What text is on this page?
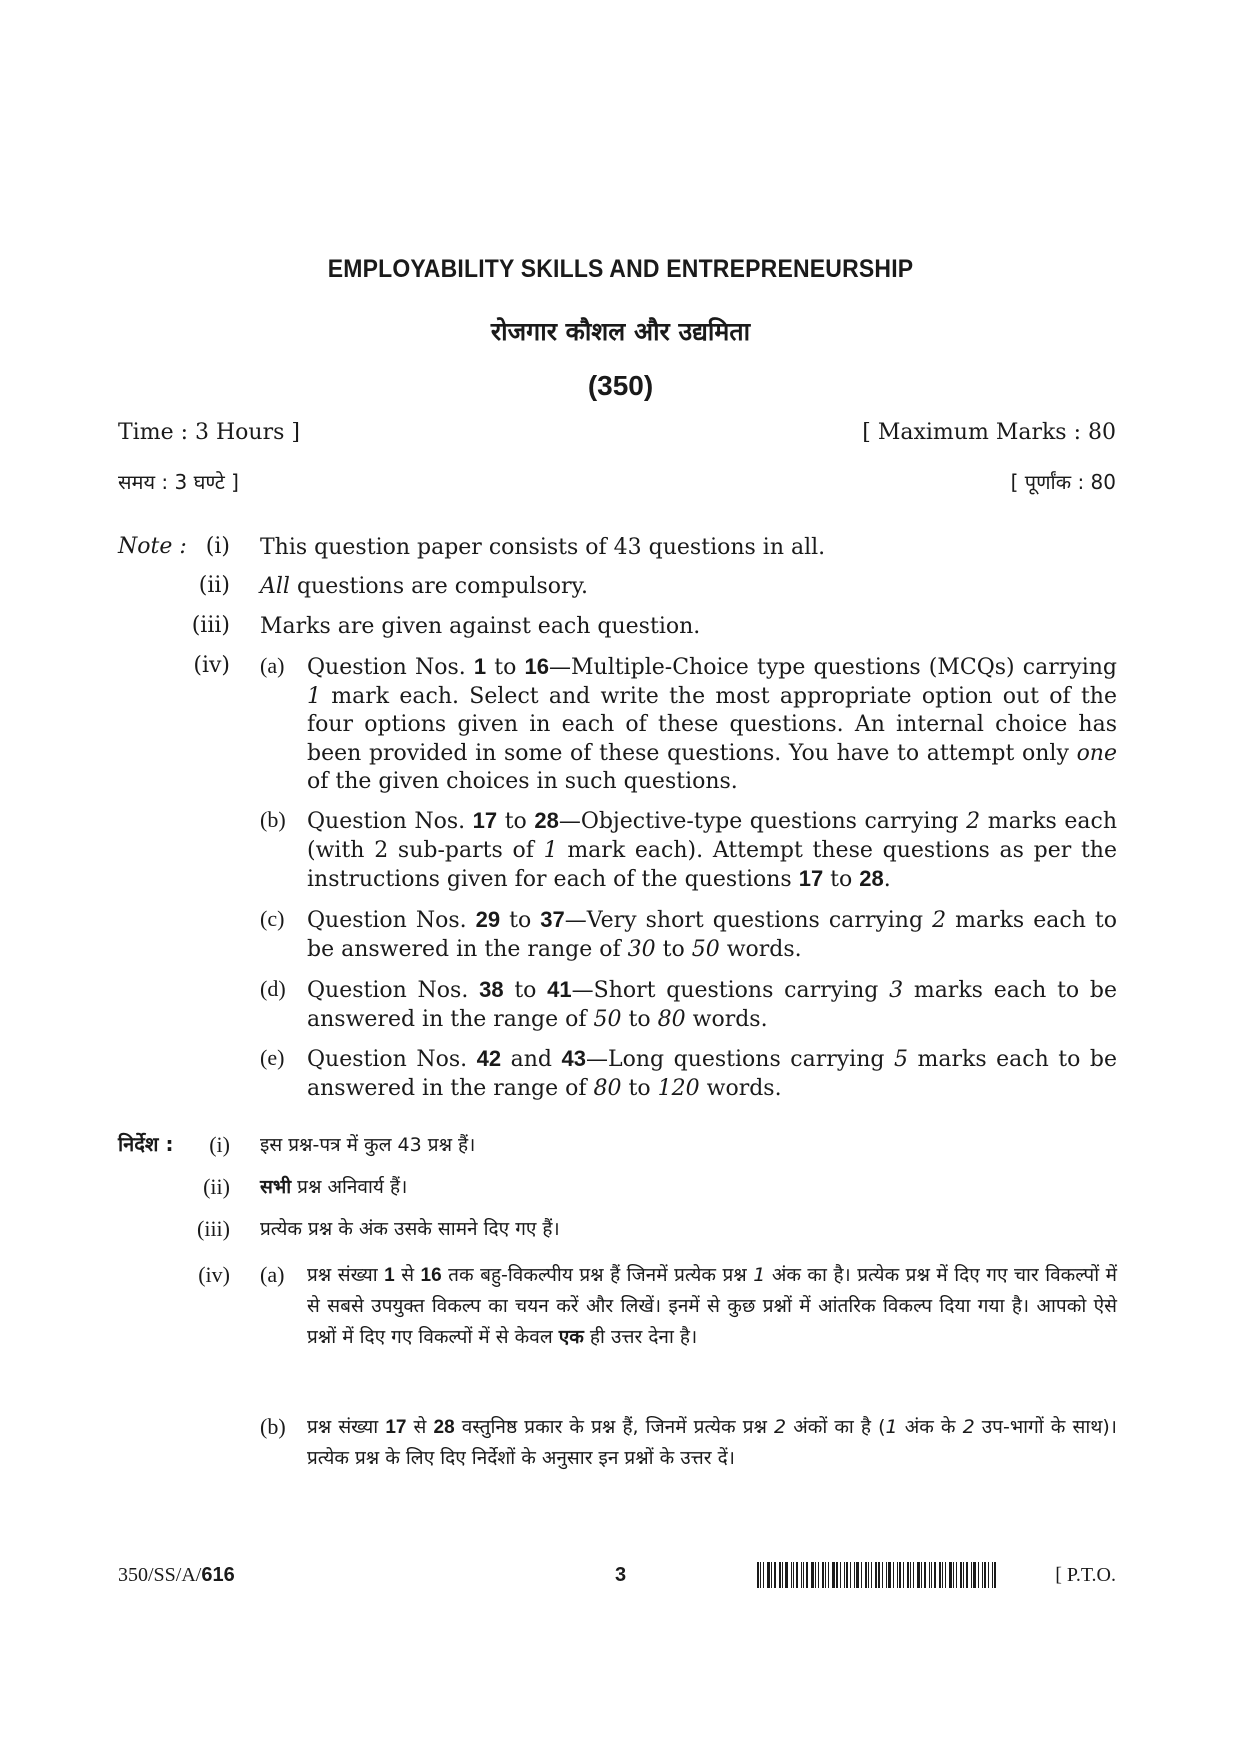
EMPLOYABILITY SKILLS AND ENTREPRENEURSHIP
रोजगार कौशल और उद्यमिता
(350)
Time : 3 Hours ]	[ Maximum Marks : 80
समय : 3 घण्टे ]	[ पूर्णांक : 80
Note : (i) This question paper consists of 43 questions in all.
(ii) All questions are compulsory.
(iii) Marks are given against each question.
(iv) (a)	Question Nos. 1 to 16—Multiple-Choice type questions (MCQs) carrying 1 mark each. Select and write the most appropriate option out of the four options given in each of these questions. An internal choice has been provided in some of these questions. You have to attempt only one of the given choices in such questions.
(b) Question Nos. 17 to 28—Objective-type questions carrying 2 marks each (with 2 sub-parts of 1 mark each). Attempt these questions as per the instructions given for each of the questions 17 to 28.
(c)	Question Nos. 29 to 37—Very short questions carrying 2 marks each to be answered in the range of 30 to 50 words.
(d) Question Nos. 38 to 41—Short questions carrying 3 marks each to be answered in the range of 50 to 80 words.
(e)	Question Nos. 42 and 43—Long questions carrying 5 marks each to be answered in the range of 80 to 120 words.
निर्देश :	(i) इस प्रश्न-पत्र में कुल 43 प्रश्न हैं।
(ii) सभी प्रश्न अनिवार्य हैं।
(iii) प्रत्येक प्रश्न के अंक उसके सामने दिए गए हैं।
(iv) (a)	प्रश्न संख्या 1 से 16 तक बहु-विकल्पीय प्रश्न हैं जिनमें प्रत्येक प्रश्न 1 अंक का है। प्रत्येक प्रश्न में दिए गए चार विकल्पों में से सबसे उपयुक्त विकल्प का चयन करें और लिखें। इनमें से कुछ प्रश्नों में आंतरिक विकल्प दिया गया है। आपको ऐसे प्रश्नों में दिए गए विकल्पों में से केवल एक ही उत्तर देना है।
(b)	प्रश्न संख्या 17 से 28 वस्तुनिष्ठ प्रकार के प्रश्न हैं, जिनमें प्रत्येक प्रश्न 2 अंकों का है (1 अंक के 2 उप-भागों के साथ)। प्रत्येक प्रश्न के लिए दिए निर्देशों के अनुसार इन प्रश्नों के उत्तर दें।
350/SS/A/616	3	[ P.T.O.
